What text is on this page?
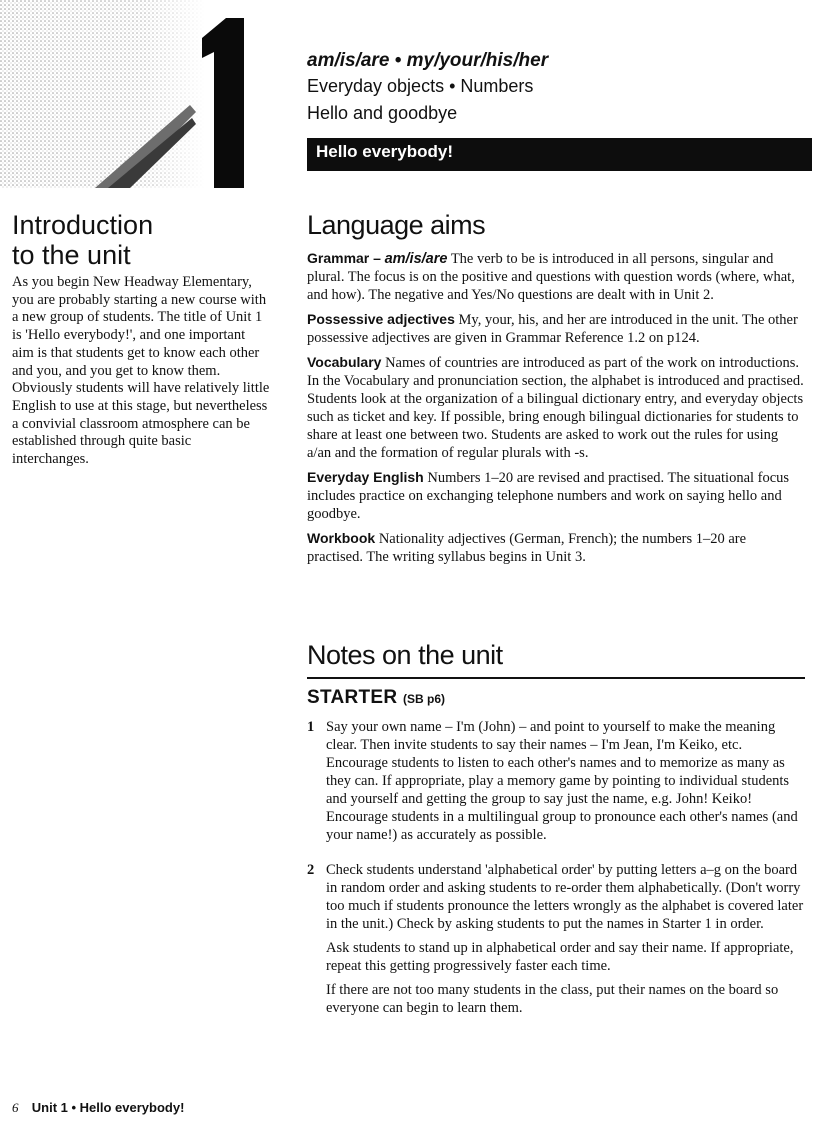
am/is/are • my/your/his/her
Everyday objects • Numbers
Hello and goodbye
Hello everybody!
Introduction
to the unit
As you begin New Headway Elementary, you are probably starting a new course with a new group of students. The title of Unit 1 is 'Hello everybody!', and one important aim is that students get to know each other and you, and you get to know them. Obviously students will have relatively little English to use at this stage, but nevertheless a convivial classroom atmosphere can be established through quite basic interchanges.
Language aims

Grammar – am/is/are The verb to be is introduced in all persons, singular and plural. The focus is on the positive and questions with question words (where, what, and how). The negative and Yes/No questions are dealt with in Unit 2.

Possessive adjectives My, your, his, and her are introduced in the unit. The other possessive adjectives are given in Grammar Reference 1.2 on p124.

Vocabulary Names of countries are introduced as part of the work on introductions. In the Vocabulary and pronunciation section, the alphabet is introduced and practised. Students look at the organization of a bilingual dictionary entry, and everyday objects such as ticket and key. If possible, bring enough bilingual dictionaries for students to share at least one between two. Students are asked to work out the rules for using a/an and the formation of regular plurals with -s.

Everyday English Numbers 1–20 are revised and practised. The situational focus includes practice on exchanging telephone numbers and work on saying hello and goodbye.

Workbook Nationality adjectives (German, French); the numbers 1–20 are practised. The writing syllabus begins in Unit 3.

Notes on the unit
STARTER (SB p6)
1 Say your own name – I'm (John) – and point to yourself to make the meaning clear. Then invite students to say their names – I'm Jean, I'm Keiko, etc. Encourage students to listen to each other's names and to memorize as many as they can. If appropriate, play a memory game by pointing to individual students and yourself and getting the group to say just the name, e.g. John! Keiko! Encourage students in a multilingual group to pronounce each other's names (and your name!) as accurately as possible.
2 Check students understand 'alphabetical order' by putting letters a–g on the board in random order and asking students to re-order them alphabetically. (Don't worry too much if students pronounce the letters wrongly as the alphabet is covered later in the unit.) Check by asking students to put the names in Starter 1 in order.
Ask students to stand up in alphabetical order and say their name. If appropriate, repeat this getting progressively faster each time.
If there are not too many students in the class, put their names on the board so everyone can begin to learn them.
6 Unit 1 • Hello everybody!
